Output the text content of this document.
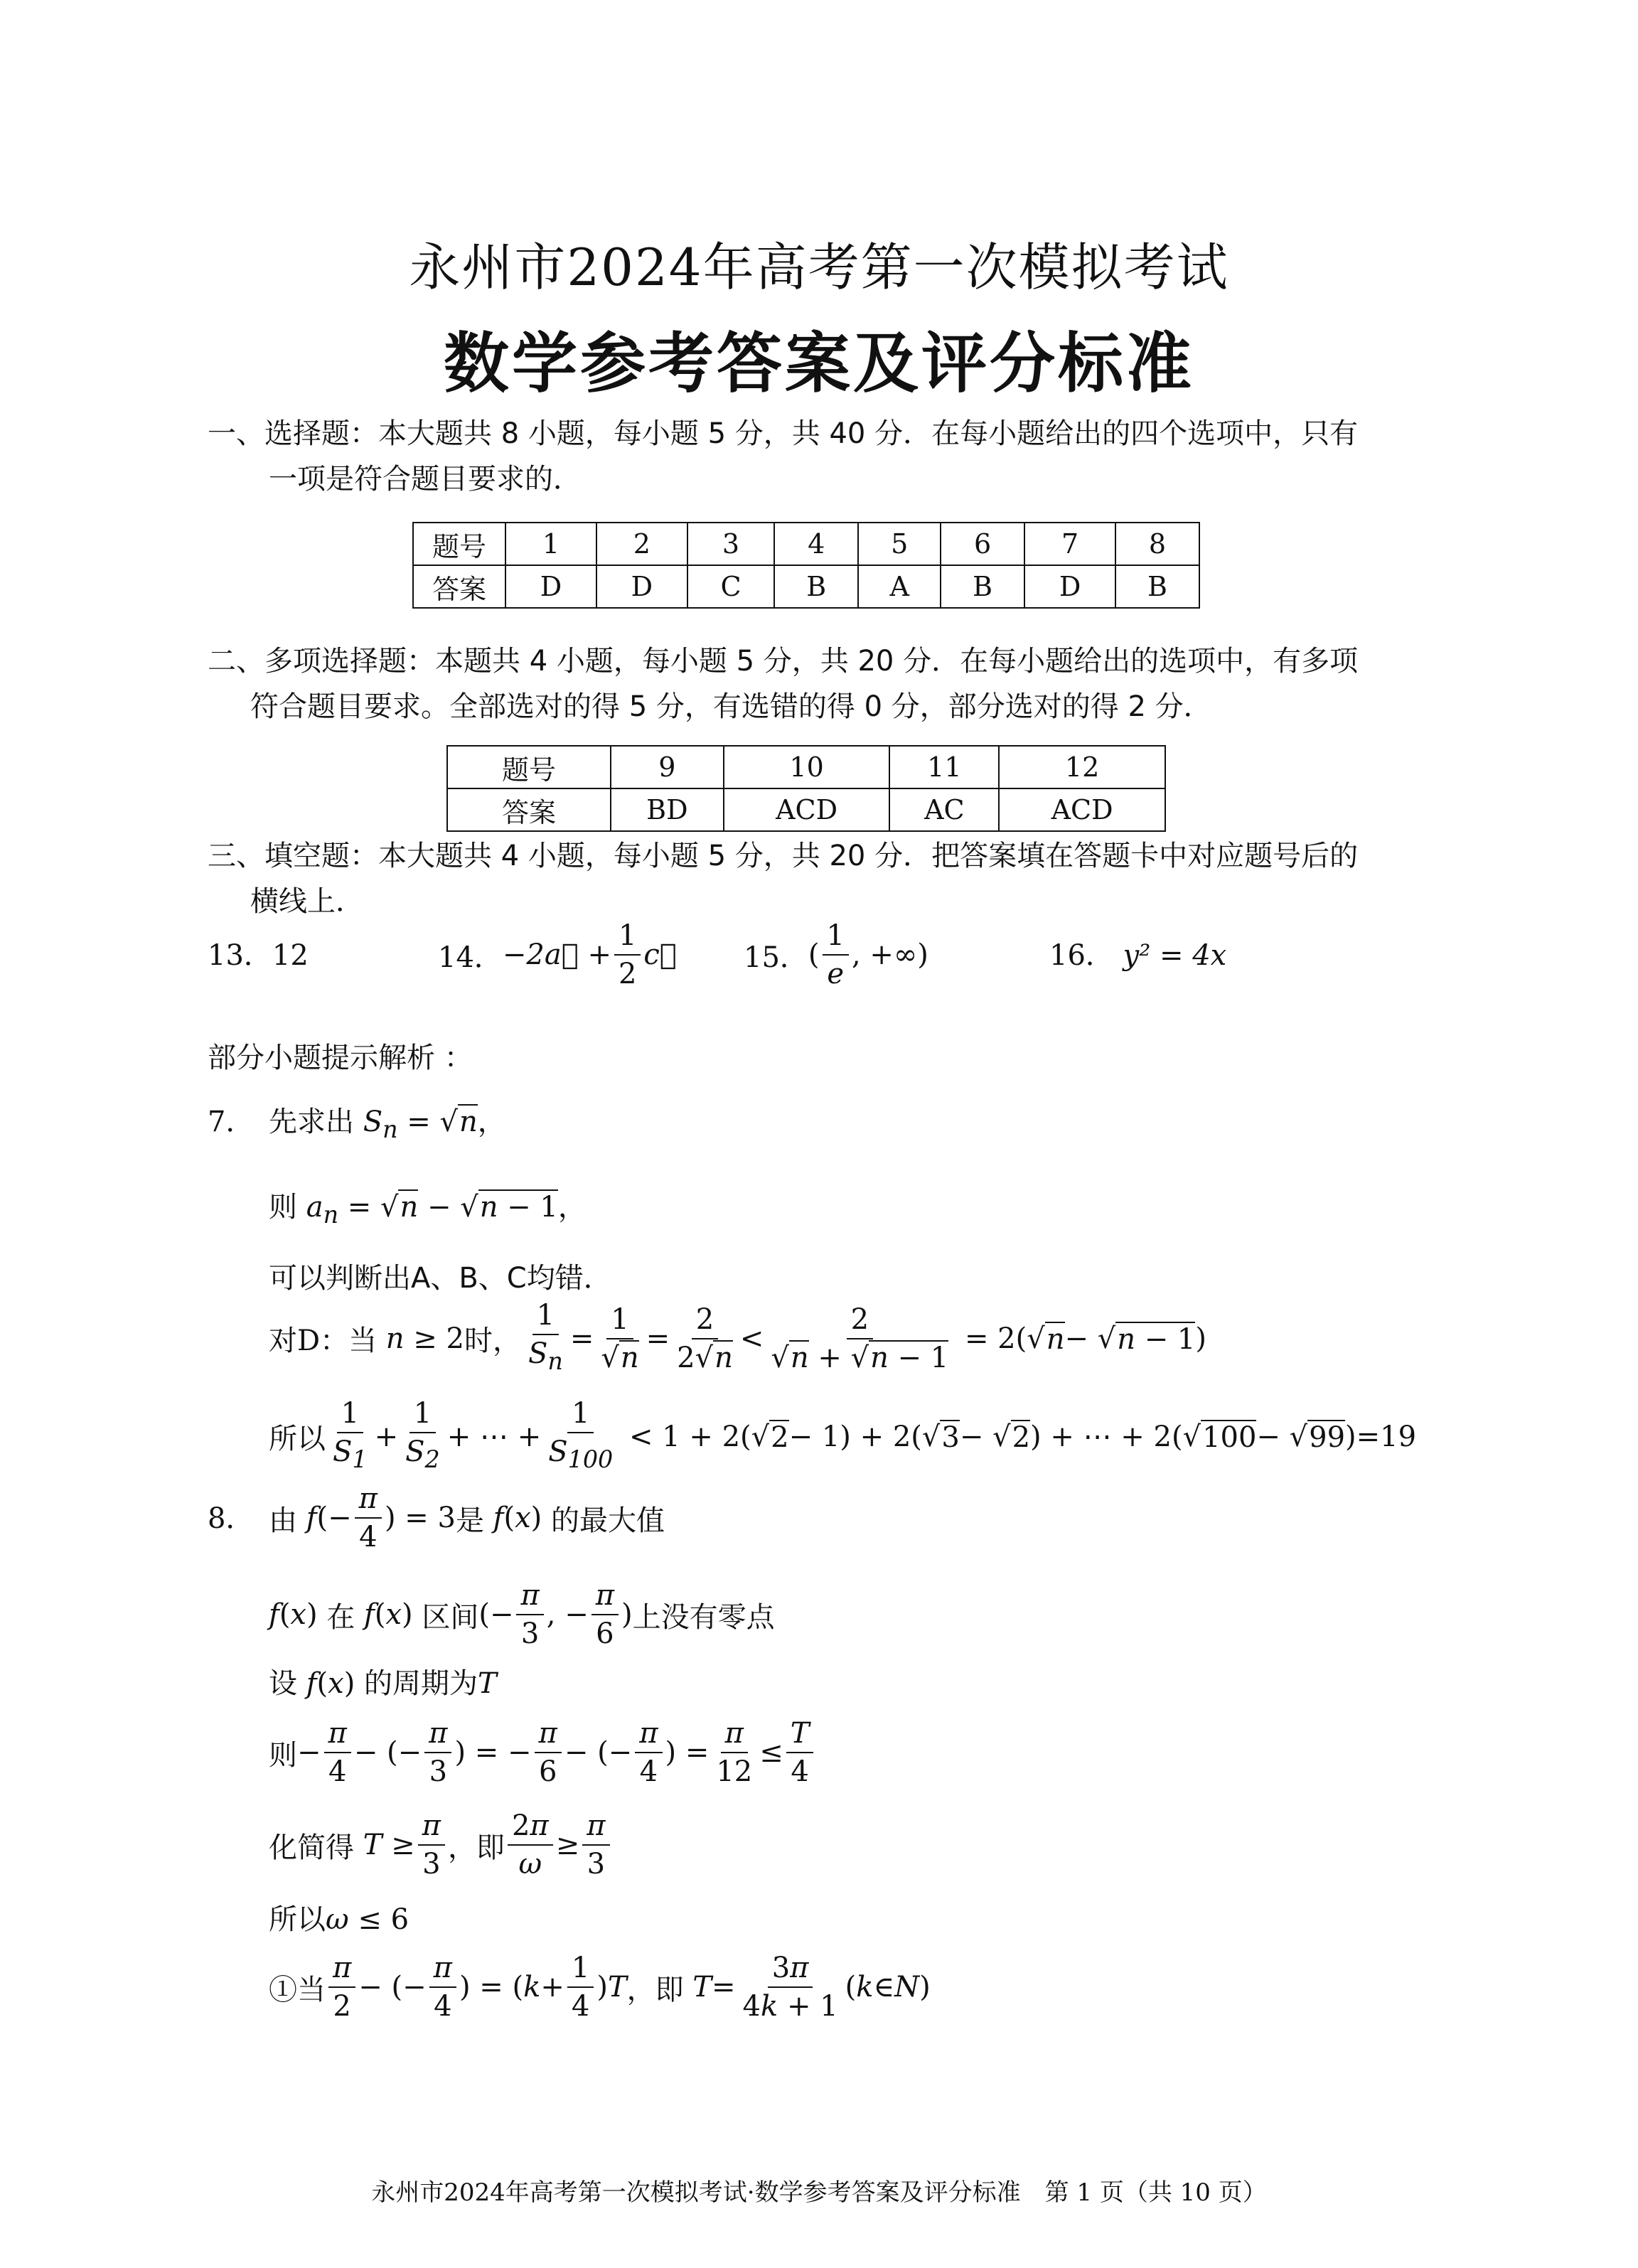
永州市2024年高考第一次模拟考试
数学参考答案及评分标准
一、选择题：本大题共 8 小题，每小题 5 分，共 40 分．在每小题给出的四个选项中，只有
一项是符合题目要求的．
题号	1	2	3	4	5	6	7	8
答案	D	D	C	B	A	B	D	B
二、多项选择题：本题共 4 小题，每小题 5 分，共 20 分．在每小题给出的选项中，有多项
符合题目要求。全部选对的得 5 分，有选错的得 0 分，部分选对的得 2 分．
题号	9	10	11	12
答案	BD	ACD	AC	ACD
三、填空题：本大题共 4 小题，每小题 5 分，共 20 分．把答案填在答题卡中对应题号后的
横线上．
13．12	14． −2a⃗ + $\frac{1}{2}$ c⃗ 15． ( $\frac{1}{e}$ , +∞)	16． y² = 4x
部分小题提示解析 ：
7． 先求出 $S_n = √n$，
则 $a_n = √n - √n - 1$，
可以判断出A、B、C均错．
对D：当 n ≥ 2 时， $\frac{1}{S_n} = \frac{1}{√n} = \frac{2}{2√n} < \frac{2}{√n + √n - 1} = 2(√$ n − √ n − 1 )
所以 $\frac{1}{S_1} + \frac{1}{S_2}$ + ⋯ + $\frac{1}{S_{100}} < 1 + 2(√$ 2 − 1) + 2(√ 3 − √ 2 ) + ⋯ + 2(√ 100 − √ 99 ) =19
8． 由
f (− $\frac{\pi}{4}$ ) = 3 是
f ( x ) 的最大值
f ( x ) 在
f ( x ) 区间 (− $\frac{\pi}{3}$ , − $\frac{\pi}{6}$ ) 上没有零点
设 f(x) 的周期为T
则 − $\frac{\pi}{4}$ − (− $\frac{\pi}{3}$ ) = − $\frac{\pi}{6}$ − (− $\frac{\pi}{4}$ ) = $\frac{\pi}{12} \le \frac{T}{4}$
化简得
$T \ge \frac{\pi}{3}$ ，即 $\frac{2\pi}{\omega} \ge \frac{\pi}{3}$
所以ω ≤ 6
①当 $\frac{\pi}{2}$ − (− $\frac{\pi}{4}$ ) = ( $k + \frac{1}{4}$ ) T ，即
$T = \frac{3\pi}{4k + 1}$ ( k ∈ N )
永州市2024年高考第一次模拟考试·数学参考答案及评分标准　第 1 页（共 10 页）
